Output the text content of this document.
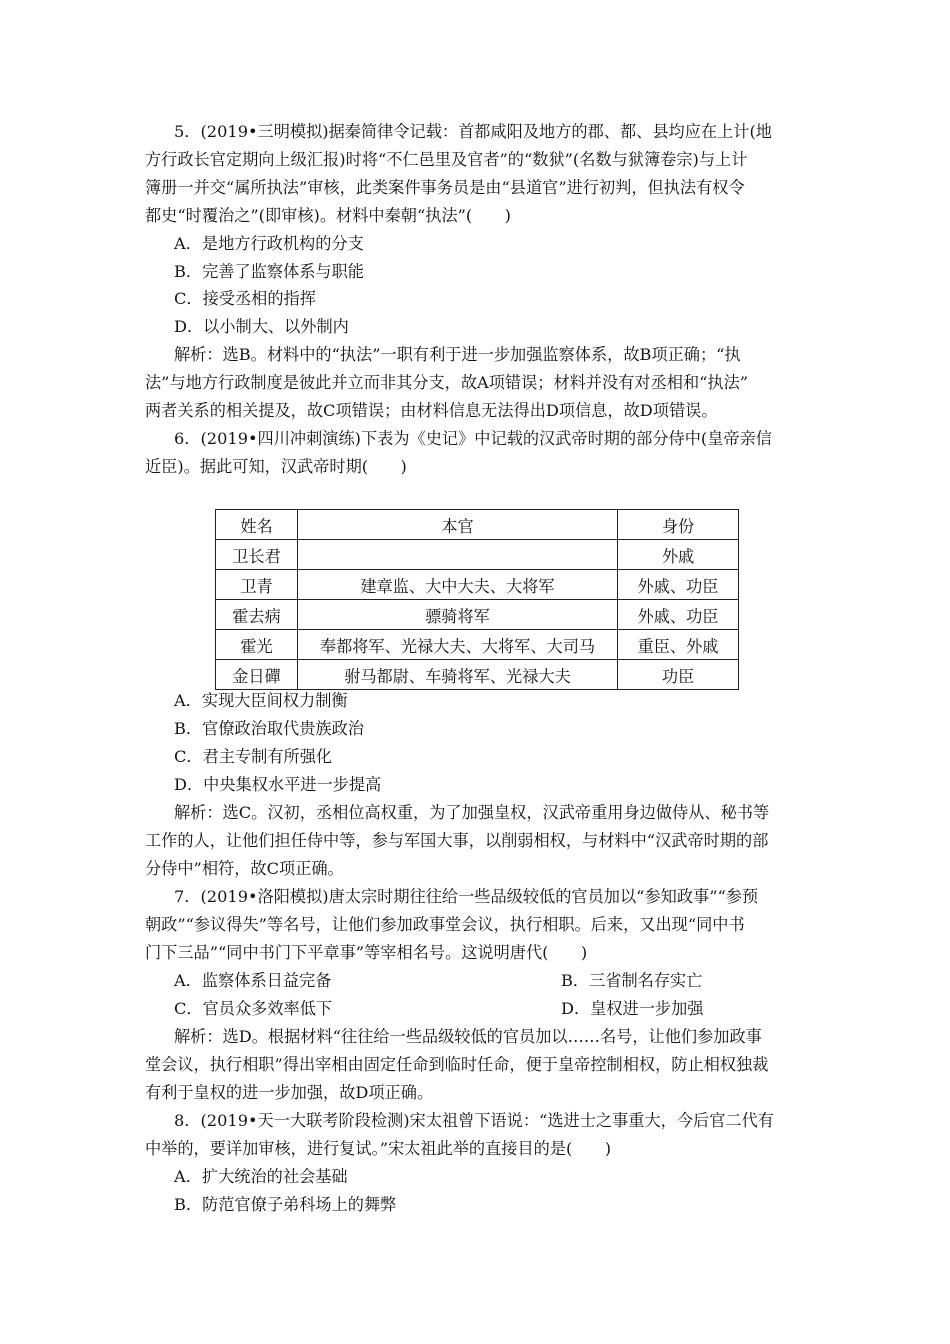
5．(2019•三明模拟)据秦简律令记载：首都咸阳及地方的郡、都、县均应在上计(地
方行政长官定期向上级汇报)时将“不仁邑里及官者”的“数狱”(名数与狱簿卷宗)与上计
簿册一并交“属所执法”审核，此类案件事务员是由“县道官”进行初判，但执法有权令
都史“时覆治之”(即审核)。材料中秦朝“执法”(　　)
A．是地方行政机构的分支
B．完善了监察体系与职能
C．接受丞相的指挥
D．以小制大、以外制内
解析：选B。材料中的“执法”一职有利于进一步加强监察体系，故B项正确；“执
法”与地方行政制度是彼此并立而非其分支，故A项错误；材料并没有对丞相和“执法”
两者关系的相关提及，故C项错误；由材料信息无法得出D项信息，故D项错误。
6．(2019•四川冲刺演练)下表为《史记》中记载的汉武帝时期的部分侍中(皇帝亲信
近臣)。据此可知，汉武帝时期(　　)
姓名	本官	身份
卫长君		外戚
卫青	建章监、大中大夫、大将军	外戚、功臣
霍去病	骠骑将军	外戚、功臣
霍光	奉都将军、光禄大夫、大将军、大司马	重臣、外戚
金日磾	驸马都尉、车骑将军、光禄大夫	功臣
A．实现大臣间权力制衡
B．官僚政治取代贵族政治
C．君主专制有所强化
D．中央集权水平进一步提高
解析：选C。汉初，丞相位高权重，为了加强皇权，汉武帝重用身边做侍从、秘书等
工作的人，让他们担任侍中等，参与军国大事，以削弱相权，与材料中“汉武帝时期的部
分侍中”相符，故C项正确。
7．(2019•洛阳模拟)唐太宗时期往往给一些品级较低的官员加以“参知政事”“参预
朝政”“参议得失”等名号，让他们参加政事堂会议，执行相职。后来，又出现“同中书
门下三品”“同中书门下平章事”等宰相名号。这说明唐代(　　)
A．监察体系日益完备	B．三省制名存实亡
C．官员众多效率低下	D．皇权进一步加强
解析：选D。根据材料“往往给一些品级较低的官员加以……名号，让他们参加政事
堂会议，执行相职”得出宰相由固定任命到临时任命，便于皇帝控制相权，防止相权独裁
有利于皇权的进一步加强，故D项正确。
8．(2019•天一大联考阶段检测)宋太祖曾下语说：“选进士之事重大，今后官二代有
中举的，要详加审核，进行复试。”宋太祖此举的直接目的是(　　)
A．扩大统治的社会基础
B．防范官僚子弟科场上的舞弊
